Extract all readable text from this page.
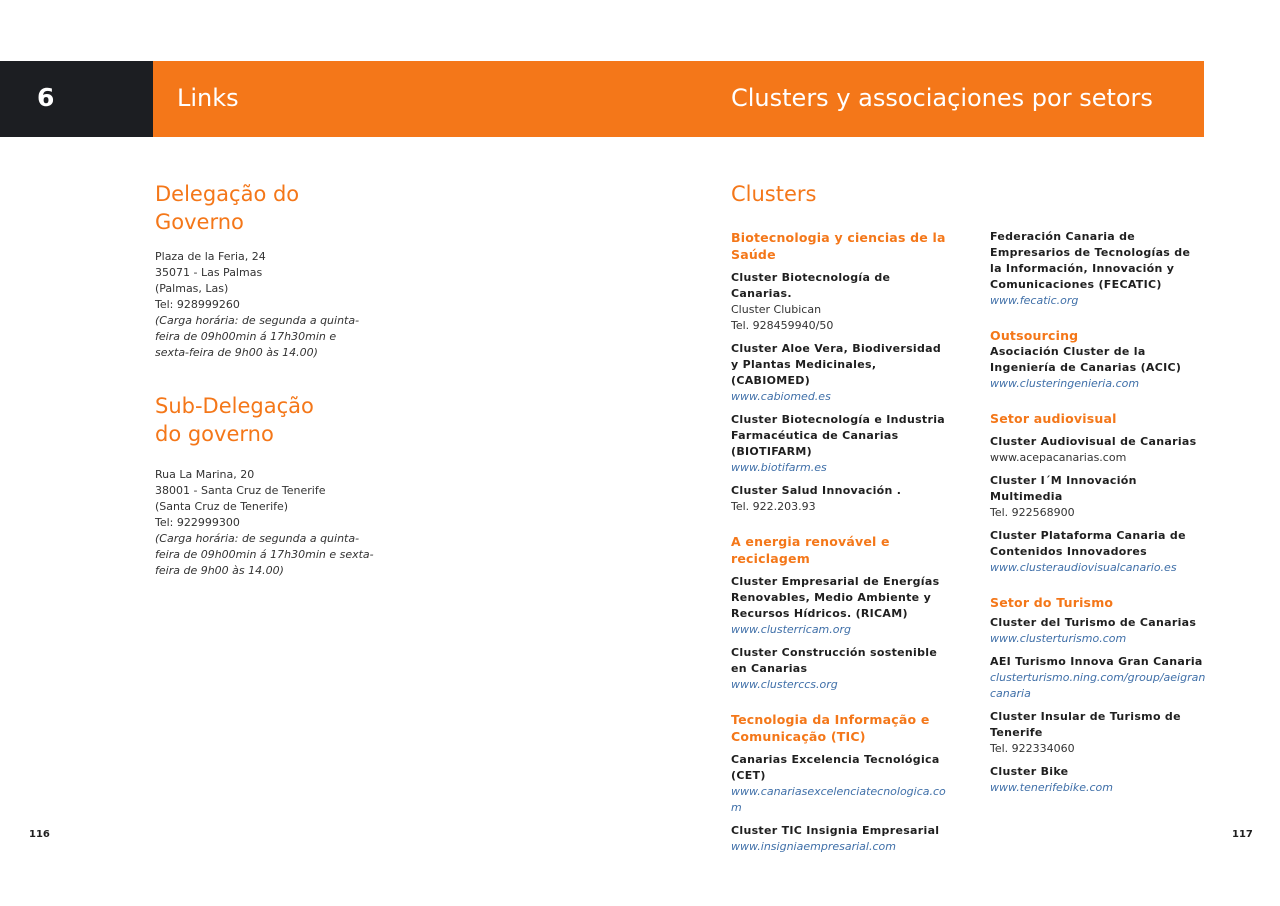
6	Links	Clusters y associaçiones por setors
Delegação do
Governo
Plaza de la Feria, 24
35071 - Las Palmas
(Palmas, Las)
Tel: 928999260
(Carga horária: de segunda a quinta-
feira de 09h00min á 17h30min e
sexta-feira de 9h00 às 14.00)
Sub-Delegação
do governo
Rua La Marina, 20
38001 - Santa Cruz de Tenerife
(Santa Cruz de Tenerife)
Tel: 922999300
(Carga horária: de segunda a quinta-
feira de 09h00min á 17h30min e sexta-
feira de 9h00 às 14.00)
Clusters
Biotecnologia y ciencias de la Saúde
Cluster Biotecnología de Canarias.
Cluster Clubican
Tel. 928459940/50
Cluster Aloe Vera, Biodiversidad y Plantas Medicinales, (CABIOMED)
www.cabiomed.es
Cluster Biotecnología e Industria Farmacéutica de Canarias (BIOTIFARM)
www.biotifarm.es
Cluster Salud Innovación .
Tel. 922.203.93
A energia renovável e reciclagem
Cluster Empresarial de Energías Renovables, Medio Ambiente y Recursos Hídricos. (RICAM)
www.clusterricam.org
Cluster Construcción sostenible en Canarias
www.clusterccs.org
Tecnologia da Informação e Comunicação (TIC)
Canarias Excelencia Tecnológica (CET)
www.canariasexcelenciatecnologica.com
Cluster TIC Insignia Empresarial
www.insigniaempresarial.com
Federación Canaria de Empresarios de Tecnologías de la Información, Innovación y Comunicaciones (FECATIC)
www.fecatic.org
Outsourcing
Asociación Cluster de la Ingeniería de Canarias (ACIC)
www.clusteringenieria.com
Setor audiovisual
Cluster Audiovisual de Canarias
www.acepacanarias.com
Cluster I´M Innovación Multimedia
Tel. 922568900
Cluster Plataforma Canaria de Contenidos Innovadores
www.clusteraudiovisualcanario.es
Setor do Turismo
Cluster del Turismo de Canarias
www.clusterturismo.com
AEI Turismo Innova Gran Canaria
clusterturismo.ning.com/group/aeigrancanaria
Cluster Insular de Turismo de Tenerife
Tel. 922334060
Cluster Bike
www.tenerifebike.com
116	117
